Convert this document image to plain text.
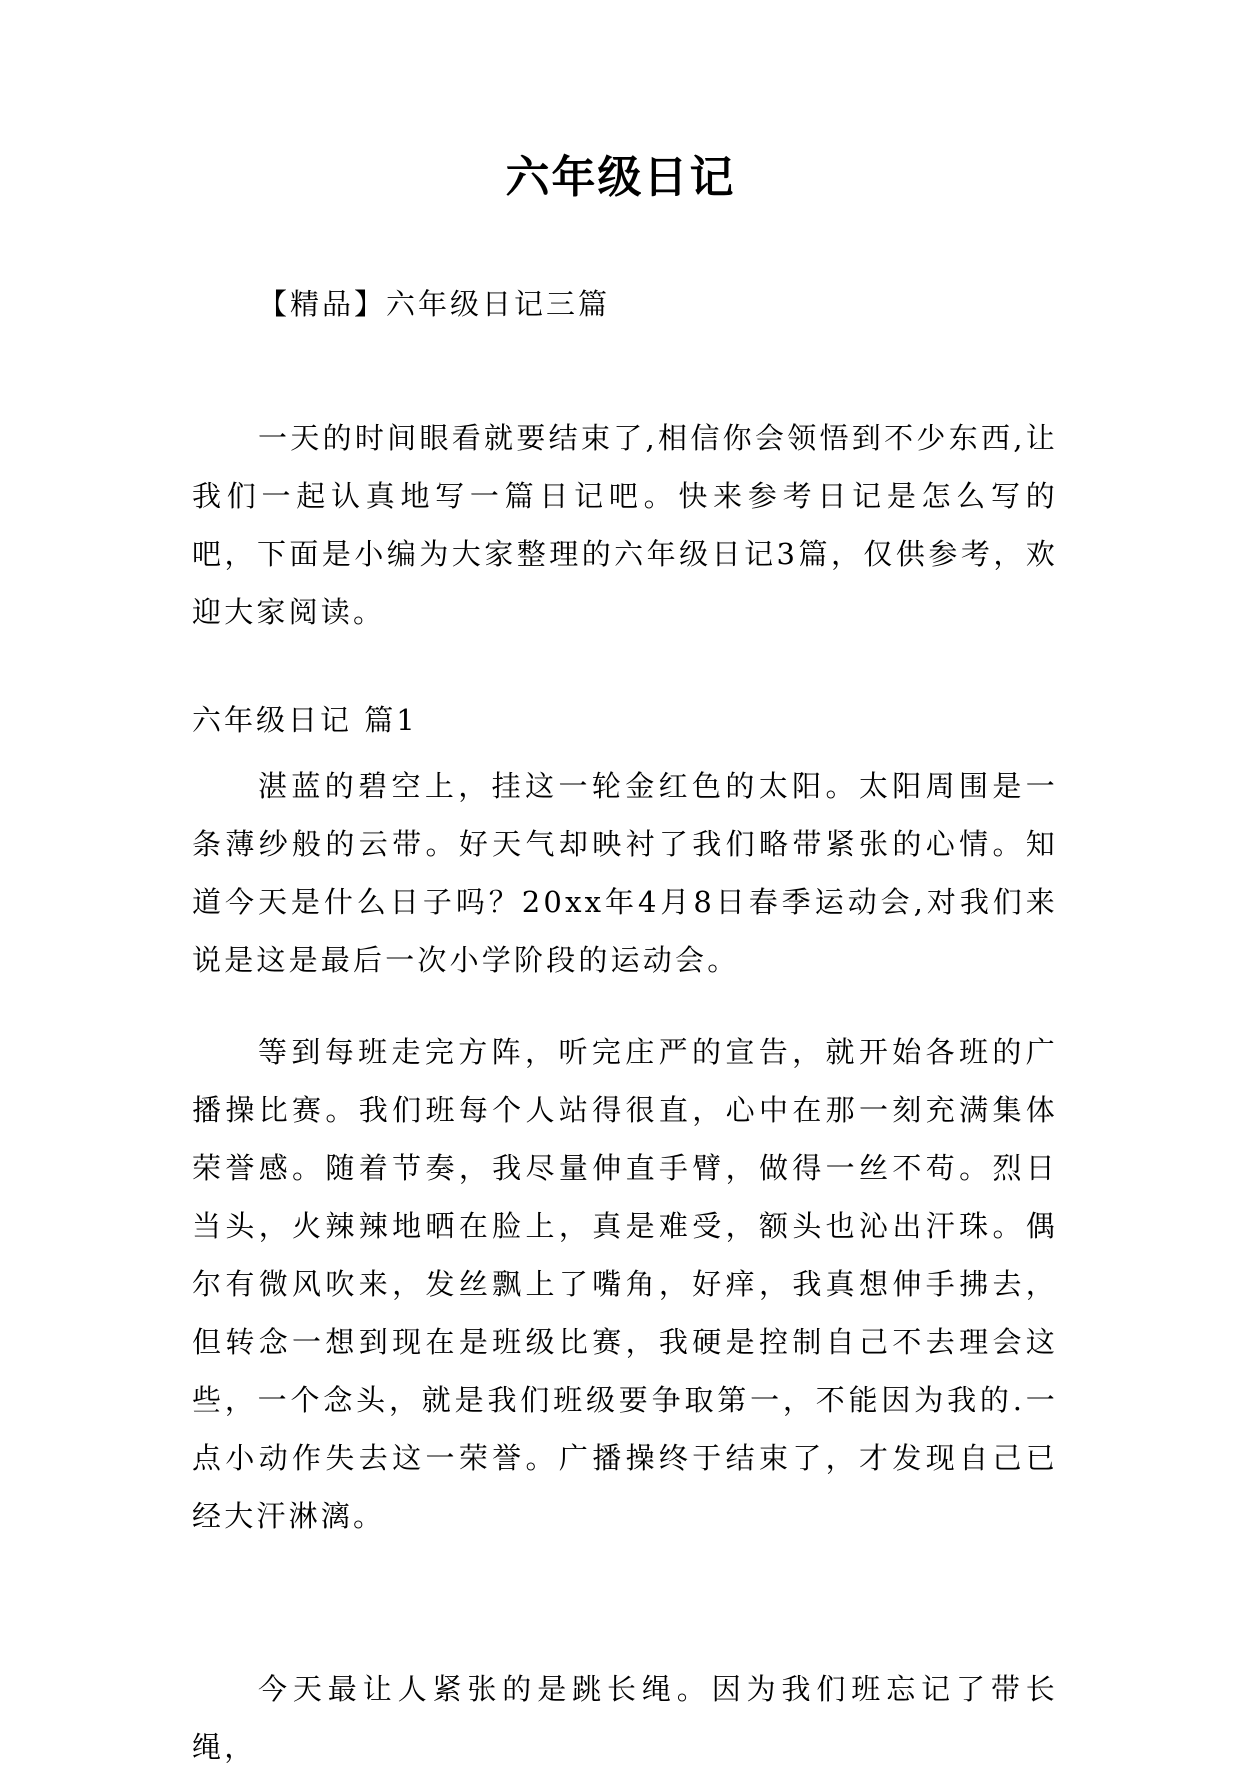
六年级日记
【精品】六年级日记三篇

一天的时间眼看就要结束了,相信你会领悟到不少东西,让我们一起认真地写一篇日记吧。快来参考日记是怎么写的吧，下面是小编为大家整理的六年级日记3篇，仅供参考，欢迎大家阅读。

六年级日记 篇1

湛蓝的碧空上，挂这一轮金红色的太阳。太阳周围是一条薄纱般的云带。好天气却映衬了我们略带紧张的心情。知道今天是什么日子吗？20xx年4月8日春季运动会,对我们来说是这是最后一次小学阶段的运动会。

等到每班走完方阵，听完庄严的宣告，就开始各班的广播操比赛。我们班每个人站得很直，心中在那一刻充满集体荣誉感。随着节奏，我尽量伸直手臂，做得一丝不苟。烈日当头，火辣辣地晒在脸上，真是难受，额头也沁出汗珠。偶尔有微风吹来，发丝飘上了嘴角，好痒，我真想伸手拂去，但转念一想到现在是班级比赛，我硬是控制自己不去理会这些，一个念头，就是我们班级要争取第一，不能因为我的.一点小动作失去这一荣誉。广播操终于结束了，才发现自己已经大汗淋漓。

今天最让人紧张的是跳长绳。因为我们班忘记了带长绳，
